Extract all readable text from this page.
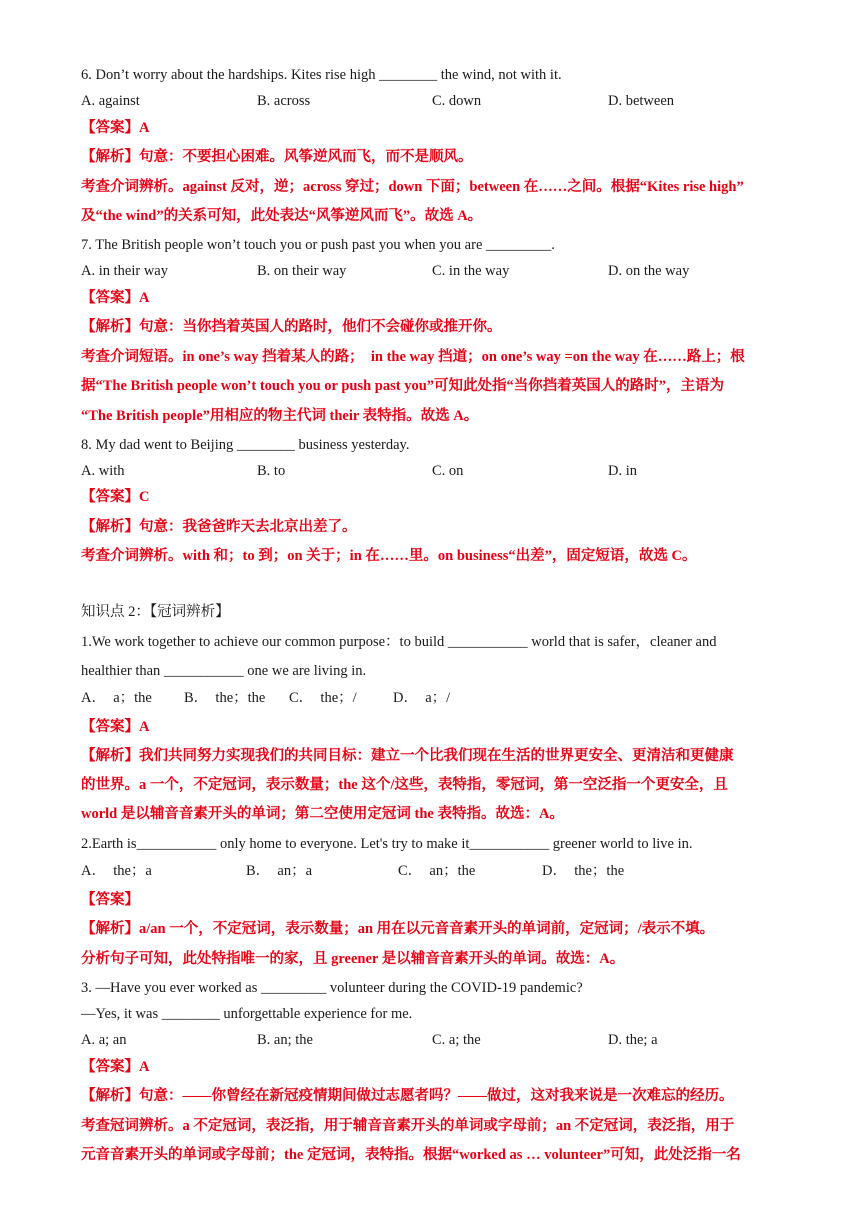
6. Don’t worry about the hardships. Kites rise high ________ the wind, not with it.
A. against	B. across	C. down	D. between
【答案】A
【解析】句意：不要担心困难。风筝逆风而飞，而不是顺风。
考查介词辨析。against 反对，逆；across 穿过；down 下面；between 在……之间。根据“Kites rise high”
及“the wind”的关系可知，此处表达“风筝逆风而飞”。故选 A。
7. The British people won’t touch you or push past you when you are _________.
A. in their way	B. on their way	C. in the way	D. on the way
【答案】A
【解析】句意：当你挡着英国人的路时，他们不会碰你或推开你。
考查介词短语。in one’s way 挡着某人的路；  in the way 挡道；on one’s way =on the way 在……路上；根
据“The British people won’t touch you or push past you”可知此处指“当你挡着英国人的路时”，主语为
“The British people”用相应的物主代词 their 表特指。故选 A。
8. My dad went to Beijing ________ business yesterday.
A. with	B. to	C. on	D. in
【答案】C
【解析】句意：我爸爸昨天去北京出差了。
考查介词辨析。with 和；to 到；on 关于；in 在……里。on business“出差”，固定短语，故选 C。
知识点 2：【冠词辨析】
1.We work together to achieve our common purpose：to build ___________ world that is safer，cleaner and
healthier than ___________ one we are living in.
A．  a；the B．  the；the C．  the；/	D．  a；/
【答案】A
【解析】我们共同努力实现我们的共同目标：建立一个比我们现在生活的世界更安全、更清洁和更健康
的世界。a 一个，不定冠词，表示数量；the 这个/这些，表特指，零冠词，第一空泛指一个更安全，且
world 是以辅音音素开头的单词；第二空使用定冠词 the 表特指。故选：A。
2.Earth is___________ only home to everyone. Let's try to make it___________ greener world to live in.
A．  the；a	B．  an；a	C．  an；the	D．  the；the
【答案】
【解析】a/an 一个，不定冠词，表示数量；an 用在以元音音素开头的单词前，定冠词；/表示不填。
分析句子可知，此处特指唯一的家，且 greener 是以辅音音素开头的单词。故选：A。
3. —Have you ever worked as _________ volunteer during the COVID-19 pandemic?
—Yes, it was ________ unforgettable experience for me.
A. a; an	B. an; the	C. a; the	D. the; a
【答案】A
【解析】句意：——你曾经在新冠疫情期间做过志愿者吗？——做过，这对我来说是一次难忘的经历。
考查冠词辨析。a 不定冠词，表泛指，用于辅音音素开头的单词或字母前；an 不定冠词，表泛指，用于
元音音素开头的单词或字母前；the 定冠词，表特指。根据“worked as … volunteer”可知，此处泛指一名
